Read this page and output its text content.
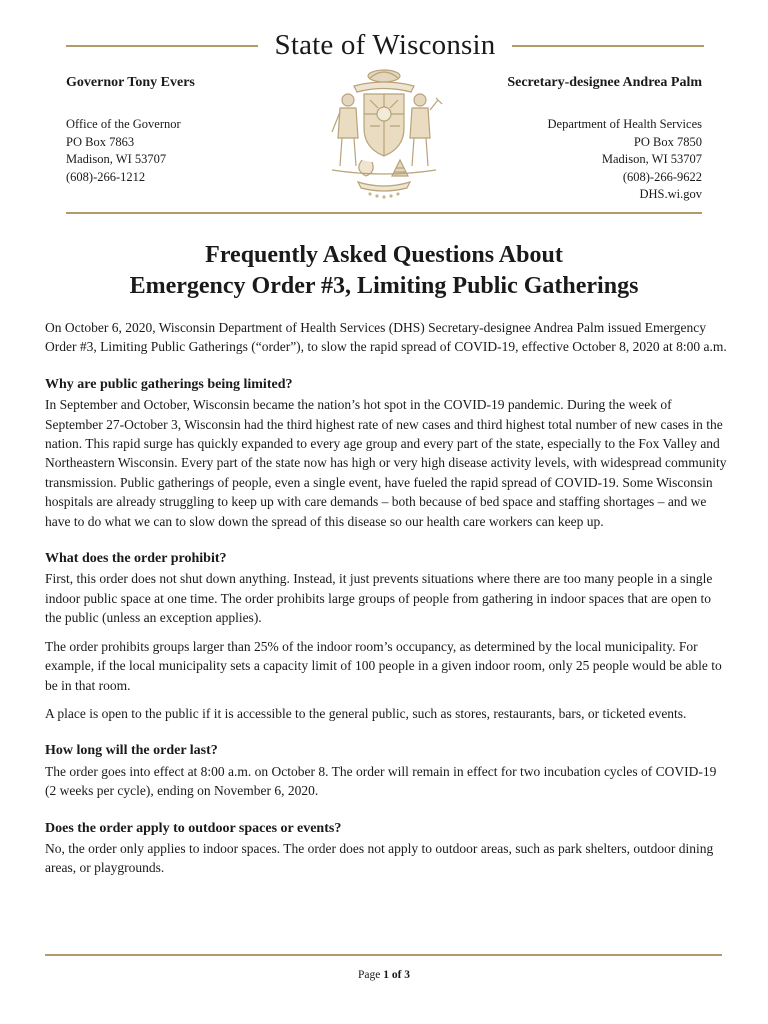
State of Wisconsin
Governor Tony Evers	Secretary-designee Andrea Palm
Office of the Governor
PO Box 7863
Madison, WI 53707
(608)-266-1212
Department of Health Services
PO Box 7850
Madison, WI 53707
(608)-266-9622
DHS.wi.gov
Frequently Asked Questions About
Emergency Order #3, Limiting Public Gatherings

On October 6, 2020, Wisconsin Department of Health Services (DHS) Secretary-designee Andrea Palm issued Emergency Order #3, Limiting Public Gatherings (“order”), to slow the rapid spread of COVID-19, effective October 8, 2020 at 8:00 a.m.

Why are public gatherings being limited?

In September and October, Wisconsin became the nation’s hot spot in the COVID-19 pandemic. During the week of September 27-October 3, Wisconsin had the third highest rate of new cases and third highest total number of new cases in the nation. This rapid surge has quickly expanded to every age group and every part of the state, especially to the Fox Valley and Northeastern Wisconsin. Every part of the state now has high or very high disease activity levels, with widespread community transmission. Public gatherings of people, even a single event, have fueled the rapid spread of COVID-19. Some Wisconsin hospitals are already struggling to keep up with care demands – both because of bed space and staffing shortages – and we have to do what we can to slow down the spread of this disease so our health care workers can keep up.

What does the order prohibit?

First, this order does not shut down anything. Instead, it just prevents situations where there are too many people in a single indoor public space at one time. The order prohibits large groups of people from gathering in indoor spaces that are open to the public (unless an exception applies).

The order prohibits groups larger than 25% of the indoor room’s occupancy, as determined by the local municipality. For example, if the local municipality sets a capacity limit of 100 people in a given indoor room, only 25 people would be able to be in that room.

A place is open to the public if it is accessible to the general public, such as stores, restaurants, bars, or ticketed events.

How long will the order last?

The order goes into effect at 8:00 a.m. on October 8. The order will remain in effect for two incubation cycles of COVID-19 (2 weeks per cycle), ending on November 6, 2020.

Does the order apply to outdoor spaces or events?

No, the order only applies to indoor spaces. The order does not apply to outdoor areas, such as park shelters, outdoor dining areas, or playgrounds.

Page 1 of 3
